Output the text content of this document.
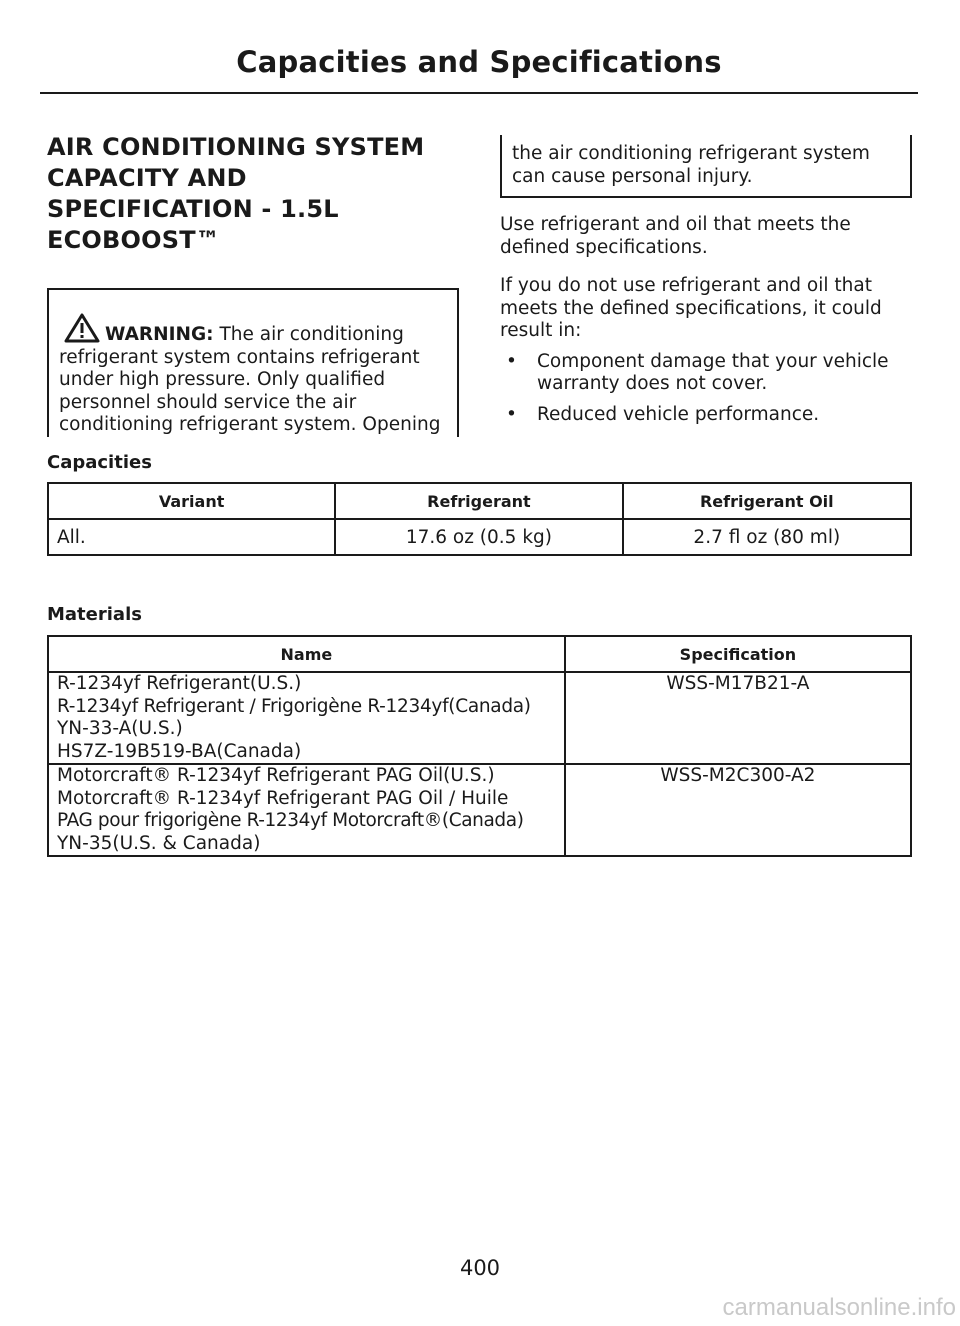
Capacities and Specifications
AIR CONDITIONING SYSTEM
CAPACITY AND
SPECIFICATION - 1.5L
ECOBOOST™
WARNING: The air conditioning refrigerant system contains refrigerant under high pressure. Only qualified personnel should service the air conditioning refrigerant system. Opening
the air conditioning refrigerant system can cause personal injury.

Use refrigerant and oil that meets the defined specifications.

If you do not use refrigerant and oil that meets the defined specifications, it could result in:

• Component damage that your vehicle warranty does not cover.
• Reduced vehicle performance.
Capacities
Variant	Refrigerant	Refrigerant Oil
All.	17.6 oz (0.5 kg)	2.7 fl oz (80 ml)
Materials
Name	Specification
R-1234yf Refrigerant(U.S.)
R-1234yf Refrigerant / Frigorigène R-1234yf(Canada)
YN-33-A(U.S.)
HS7Z-19B519-BA(Canada)	WSS-M17B21-A
Motorcraft® R-1234yf Refrigerant PAG Oil(U.S.)
Motorcraft® R-1234yf Refrigerant PAG Oil / Huile
PAG pour frigorigène R-1234yf Motorcraft®(Canada)
YN-35(U.S. & Canada)	WSS-M2C300-A2
400
carmanualsonline.info
